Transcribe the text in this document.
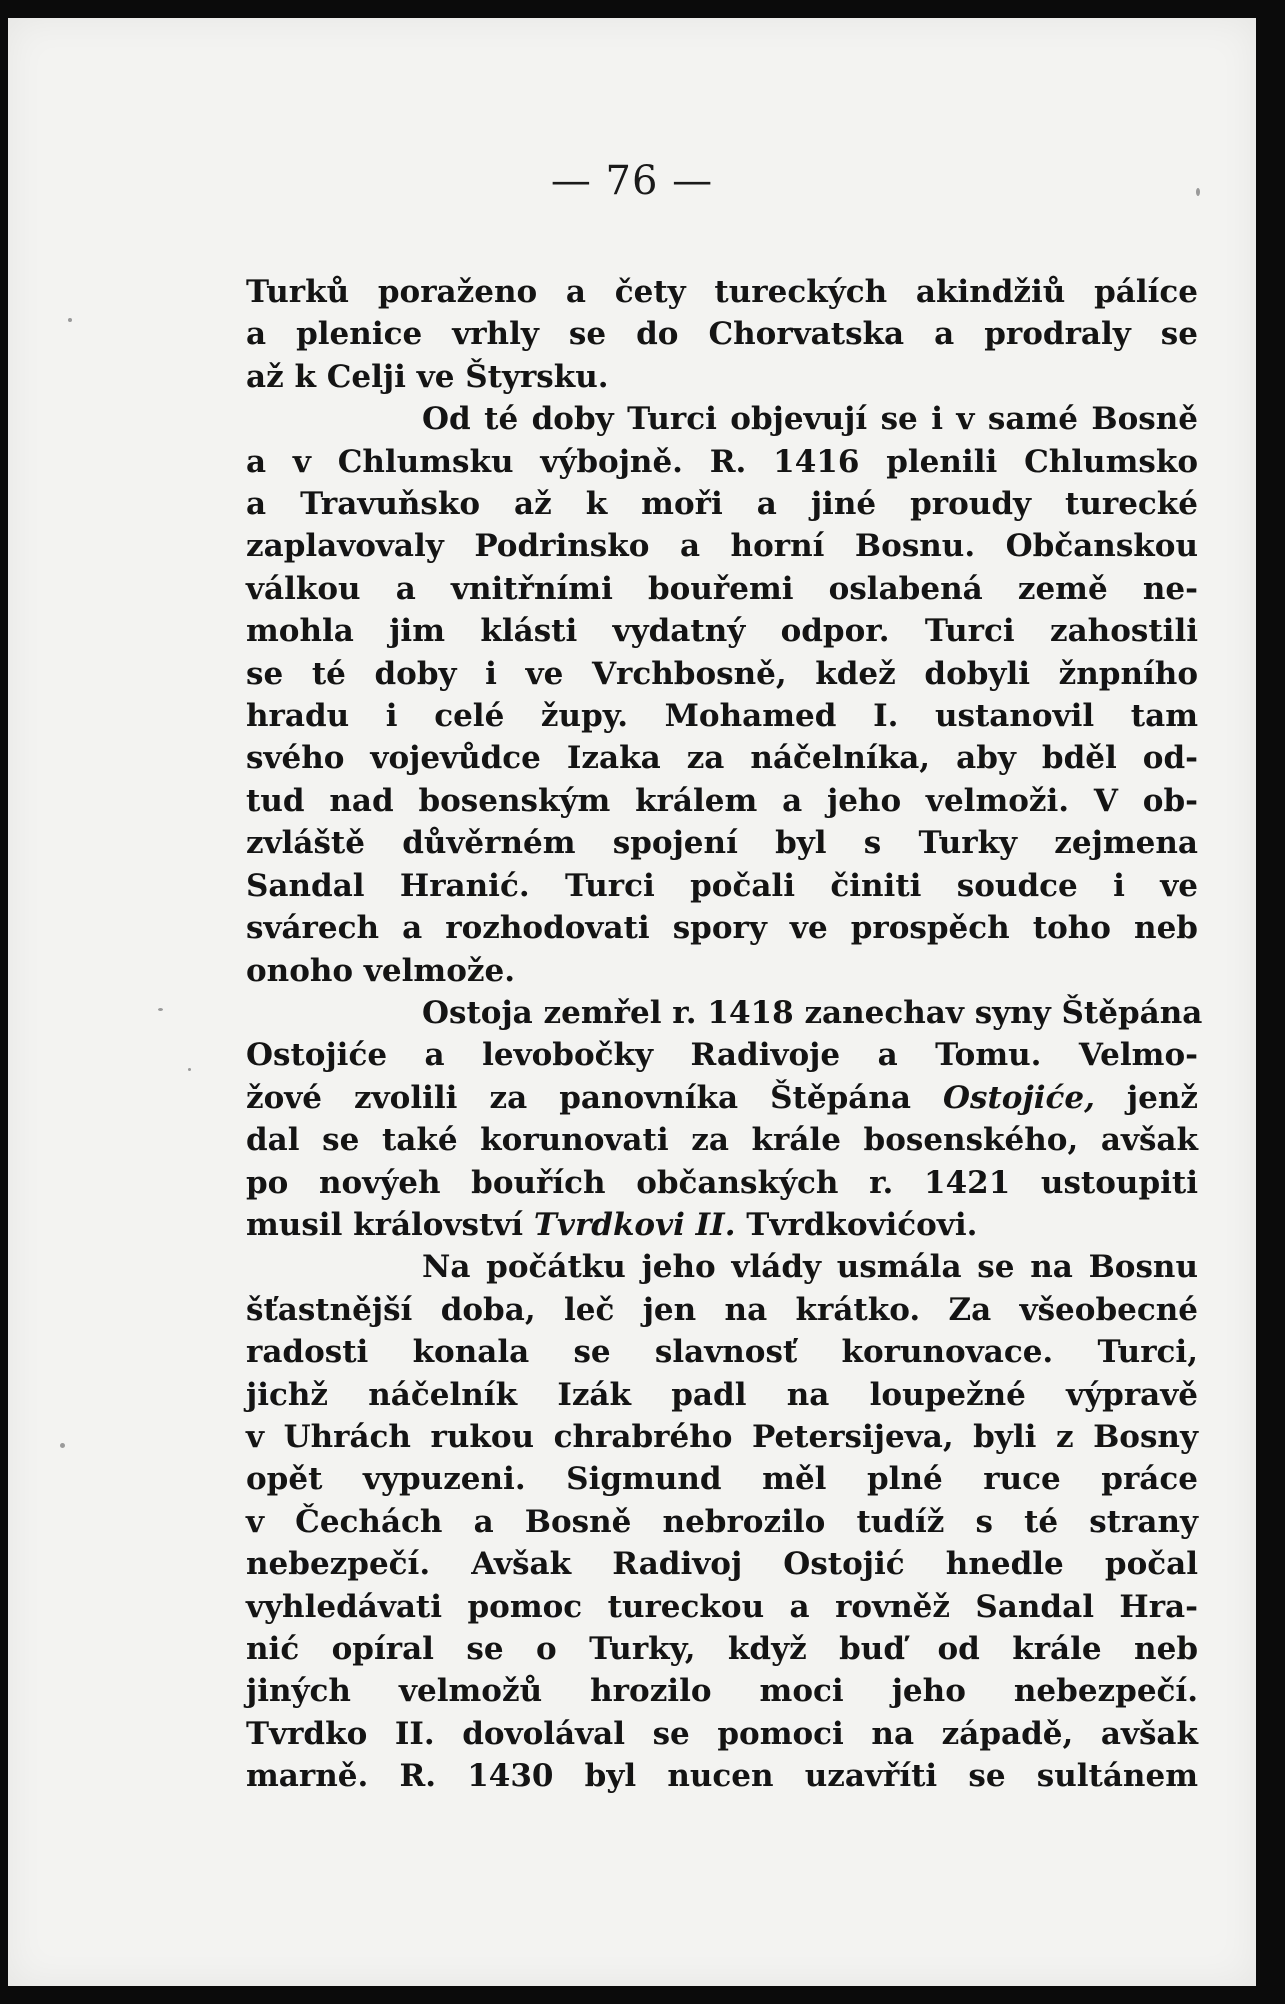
— 76 —
Turků poraženo a čety tureckých akindžiů pálíce
a plenice vrhly se do Chorvatska a prodraly se
až k Celji ve Štyrsku.
Od té doby Turci objevují se i v samé Bosně
a v Chlumsku výbojně. R. 1416 plenili Chlumsko
a Travuňsko až k moři a jiné proudy turecké
zaplavovaly Podrinsko a horní Bosnu. Občanskou
válkou a vnitřními bouřemi oslabená země ne-
mohla jim klásti vydatný odpor. Turci zahostili
se té doby i ve Vrchbosně, kdež dobyli žnpního
hradu i celé župy. Mohamed I. ustanovil tam
svého vojevůdce Izaka za náčelníka, aby bděl od-
tud nad bosenským králem a jeho velmoži. V ob-
zvláště důvěrném spojení byl s Turky zejmena
Sandal Hranić. Turci počali činiti soudce i ve
svárech a rozhodovati spory ve prospěch toho neb
onoho velmože.
Ostoja zemřel r. 1418 zanechav syny Štěpána
Ostojiće a levobočky Radivoje a Tomu. Velmo-
žové zvolili za panovníka Štěpána Ostojiće, jenž
dal se také korunovati za krále bosenského, avšak
po novýeh bouřích občanských r. 1421 ustoupiti
musil království Tvrdkovi II. Tvrdkovićovi.
Na počátku jeho vlády usmála se na Bosnu
šťastnější doba, leč jen na krátko. Za všeobecné
radosti konala se slavnosť korunovace. Turci,
jichž náčelník Izák padl na loupežné výpravě
v Uhrách rukou chrabrého Petersijeva, byli z Bosny
opět vypuzeni. Sigmund měl plné ruce práce
v Čechách a Bosně nebrozilo tudíž s té strany
nebezpečí. Avšak Radivoj Ostojić hnedle počal
vyhledávati pomoc tureckou a rovněž Sandal Hra-
nić opíral se o Turky, když buď od krále neb
jiných velmožů hrozilo moci jeho nebezpečí.
Tvrdko II. dovolával se pomoci na západě, avšak
marně. R. 1430 byl nucen uzavříti se sultánem
